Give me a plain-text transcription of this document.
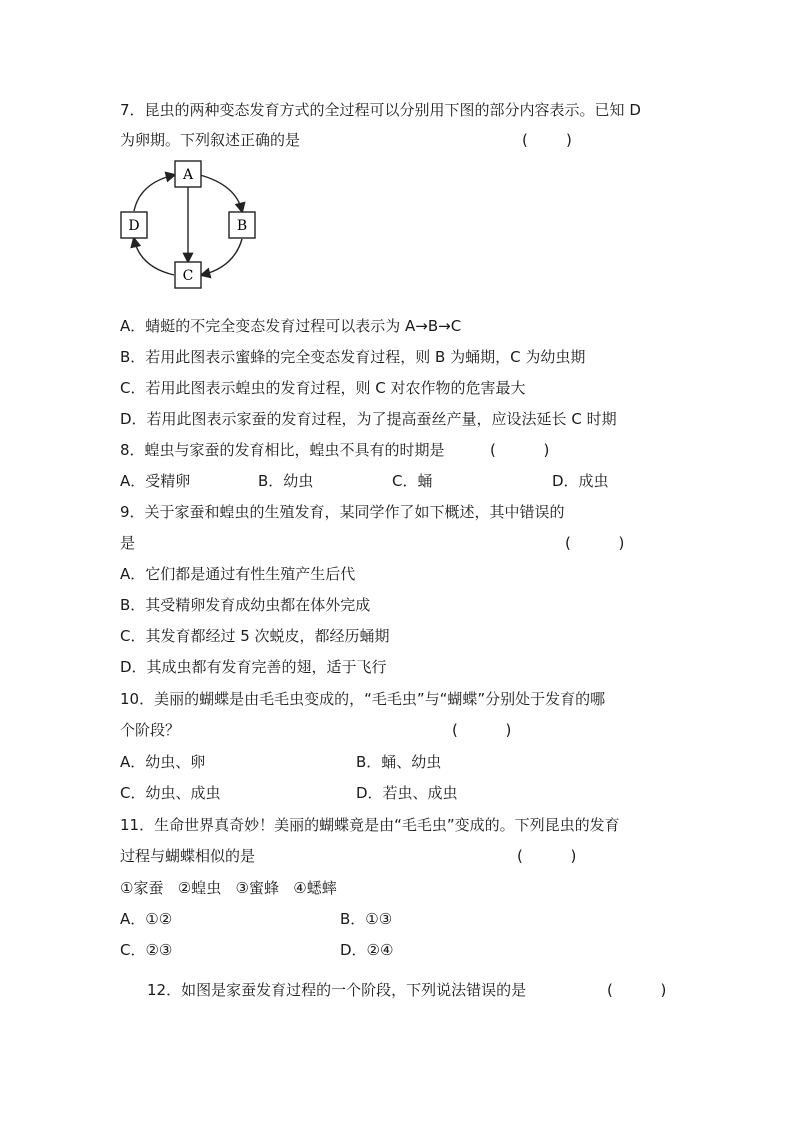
7．昆虫的两种变态发育方式的全过程可以分别用下图的部分内容表示。已知 D
为卵期。下列叙述正确的是	(        )
A
B
C
D
A．蜻蜓的不完全变态发育过程可以表示为 A→B→C
B．若用此图表示蜜蜂的完全变态发育过程，则 B 为蛹期，C 为幼虫期
C．若用此图表示蝗虫的发育过程，则 C 对农作物的危害最大
D．若用此图表示家蚕的发育过程，为了提高蚕丝产量，应设法延长 C 时期
8．蝗虫与家蚕的发育相比，蝗虫不具有的时期是	(          )
A．受精卵	B．幼虫	C．蛹	D．成虫
9．关于家蚕和蝗虫的生殖发育，某同学作了如下概述，其中错误的
是	(          )
A．它们都是通过有性生殖产生后代
B．其受精卵发育成幼虫都在体外完成
C．其发育都经过 5 次蜕皮，都经历蛹期
D．其成虫都有发育完善的翅，适于飞行
10．美丽的蝴蝶是由毛毛虫变成的，“毛毛虫”与“蝴蝶”分别处于发育的哪
个阶段？	(          )
A．幼虫、卵	B．蛹、幼虫
C．幼虫、成虫	D．若虫、成虫
11．生命世界真奇妙！美丽的蝴蝶竟是由“毛毛虫”变成的。下列昆虫的发育
过程与蝴蝶相似的是	(          )
①家蚕   ②蝗虫   ③蜜蜂   ④蟋蟀
A．①②	B．①③
C．②③	D．②④
12．如图是家蚕发育过程的一个阶段，下列说法错误的是	(          )
